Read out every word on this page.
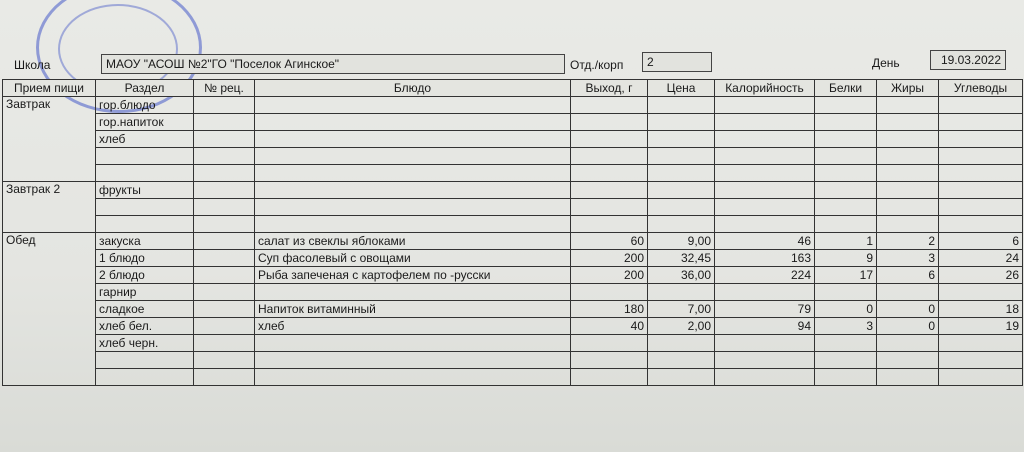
Школа	МАОУ "АСОШ №2"ГО "Поселок Агинское"	Отд./корп	2	День	19.03.2022
Прием пищи	Раздел	№ рец.	Блюдо	Выход, г	Цена	Калорийность	Белки	Жиры	Углеводы
Завтрак	гор.блюдо								
	гор.напиток								
	хлеб								

Завтрак 2	фрукты								

Обед	закуска		салат из свеклы яблоками	60	9,00	46	1	2	6
	1 блюдо		Суп фасолевый с овощами	200	32,45	163	9	3	24
	2 блюдо		Рыба запеченая с картофелем по -русски	200	36,00	224	17	6	26
	гарнир								
	сладкое		Напиток витаминный	180	7,00	79	0	0	18
	хлеб бел.		хлеб	40	2,00	94	3	0	19
	хлеб черн.								
